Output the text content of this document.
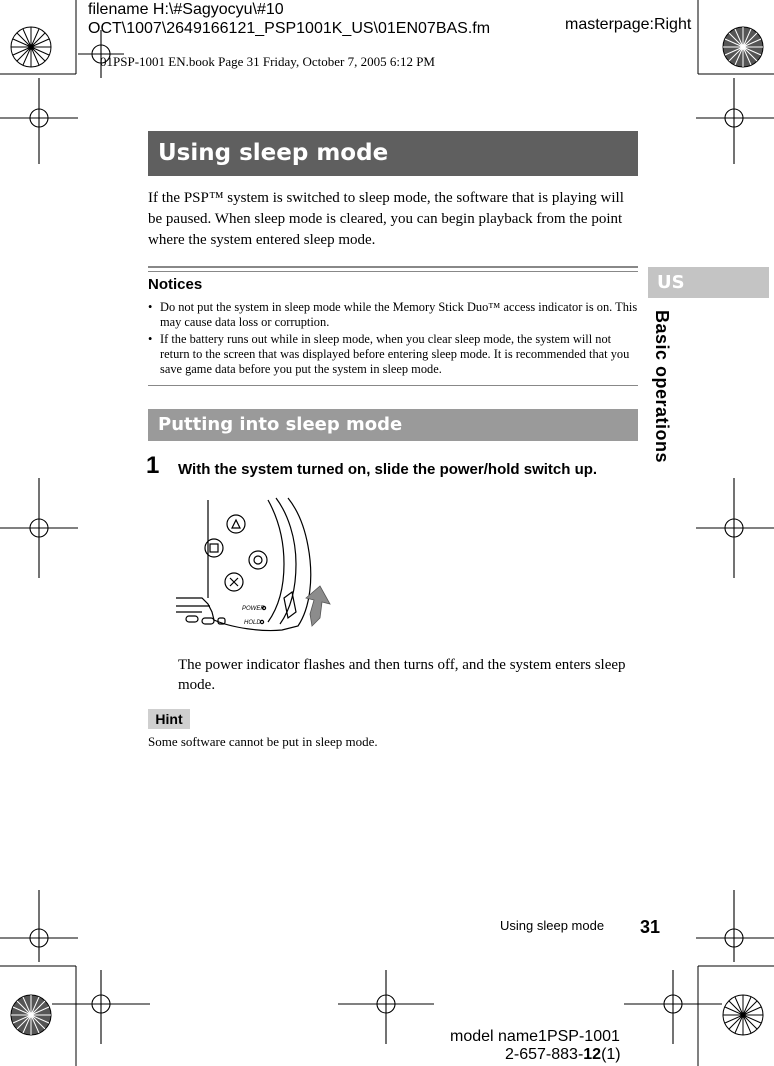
filename H:\#Sagyocyu\#10
OCT\1007\2649166121_PSP1001K_US\01EN07BAS.fm	masterpage:Right
01PSP-1001 EN.book Page 31 Friday, October 7, 2005 6:12 PM
Using sleep mode
If the PSP™ system is switched to sleep mode, the software that is playing will be paused. When sleep mode is cleared, you can begin playback from the point where the system entered sleep mode.
Notices
• Do not put the system in sleep mode while the Memory Stick Duo™ access indicator is on. This may cause data loss or corruption.
• If the battery runs out while in sleep mode, when you clear sleep mode, the system will not return to the screen that was displayed before entering sleep mode. It is recommended that you save game data before you put the system in sleep mode.
Putting into sleep mode
1 With the system turned on, slide the power/hold switch up.
POWER
HOLD
The power indicator flashes and then turns off, and the system enters sleep mode.
Hint
Some software cannot be put in sleep mode.
US
Basic operations
Using sleep mode 31
model name1PSP-1001
2-657-883-12(1)
